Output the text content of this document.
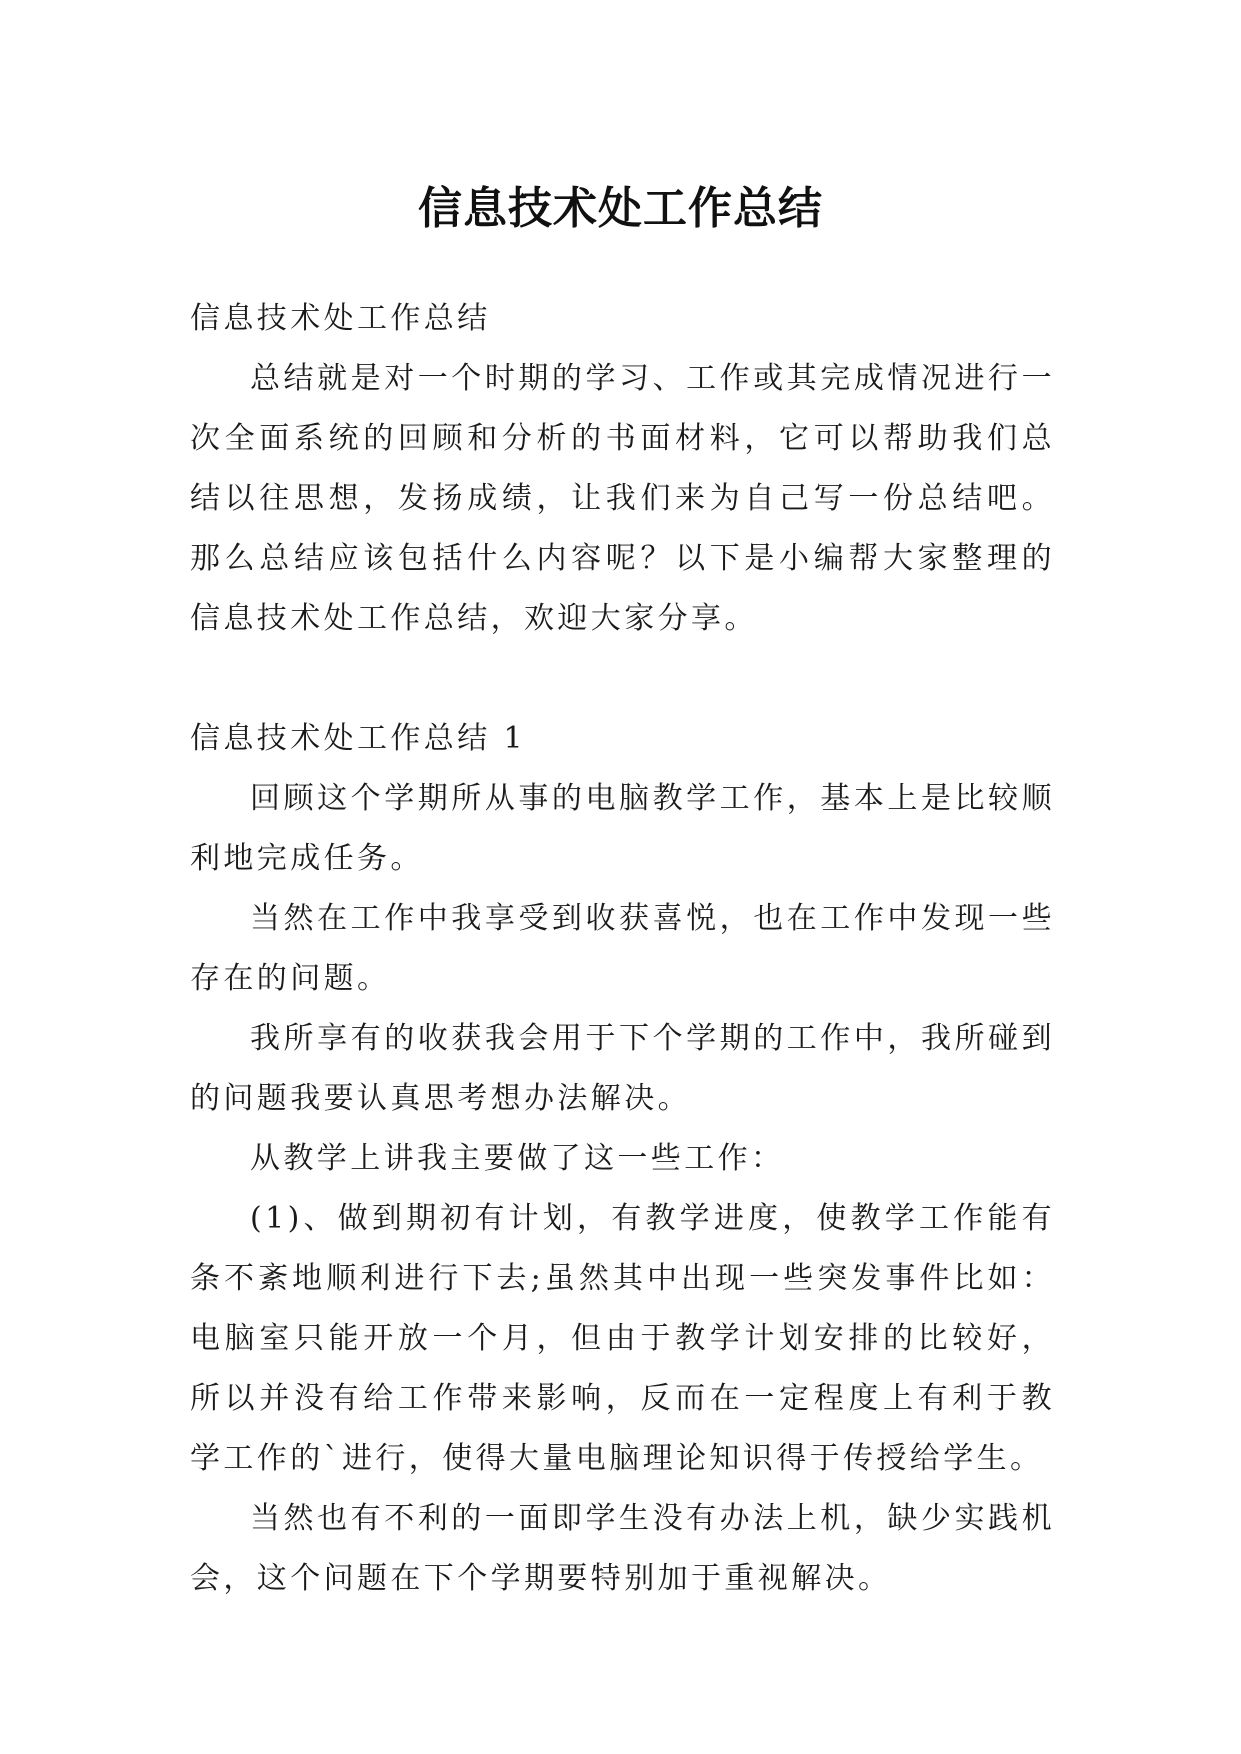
信息技术处工作总结

信息技术处工作总结

总结就是对一个时期的学习、工作或其完成情况进行一次全面系统的回顾和分析的书面材料，它可以帮助我们总结以往思想，发扬成绩，让我们来为自己写一份总结吧。那么总结应该包括什么内容呢？以下是小编帮大家整理的信息技术处工作总结，欢迎大家分享。

信息技术处工作总结 1

回顾这个学期所从事的电脑教学工作，基本上是比较顺利地完成任务。

当然在工作中我享受到收获喜悦，也在工作中发现一些存在的问题。

我所享有的收获我会用于下个学期的工作中，我所碰到的问题我要认真思考想办法解决。

从教学上讲我主要做了这一些工作：

(1)、做到期初有计划，有教学进度，使教学工作能有条不紊地顺利进行下去;虽然其中出现一些突发事件比如：电脑室只能开放一个月，但由于教学计划安排的比较好，所以并没有给工作带来影响，反而在一定程度上有利于教学工作的`进行，使得大量电脑理论知识得于传授给学生。

当然也有不利的一面即学生没有办法上机，缺少实践机会，这个问题在下个学期要特别加于重视解决。
